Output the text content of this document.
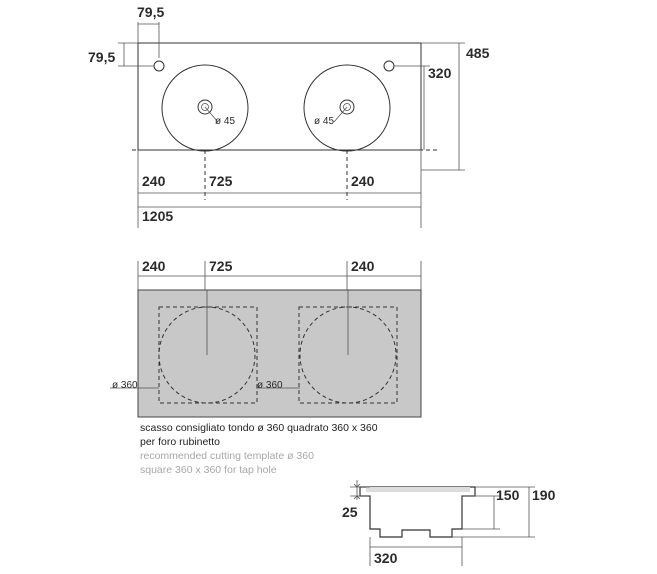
ø 45	ø 45
79,5
79,5	485
320
240	725	240
1205
240	725	240
ø 360	ø 360
scasso consigliato tondo ø 360 quadrato 360 x 360
per foro rubinetto
recommended cutting template ø 360
square 360 x 360 for tap hole
25
150 190
320
